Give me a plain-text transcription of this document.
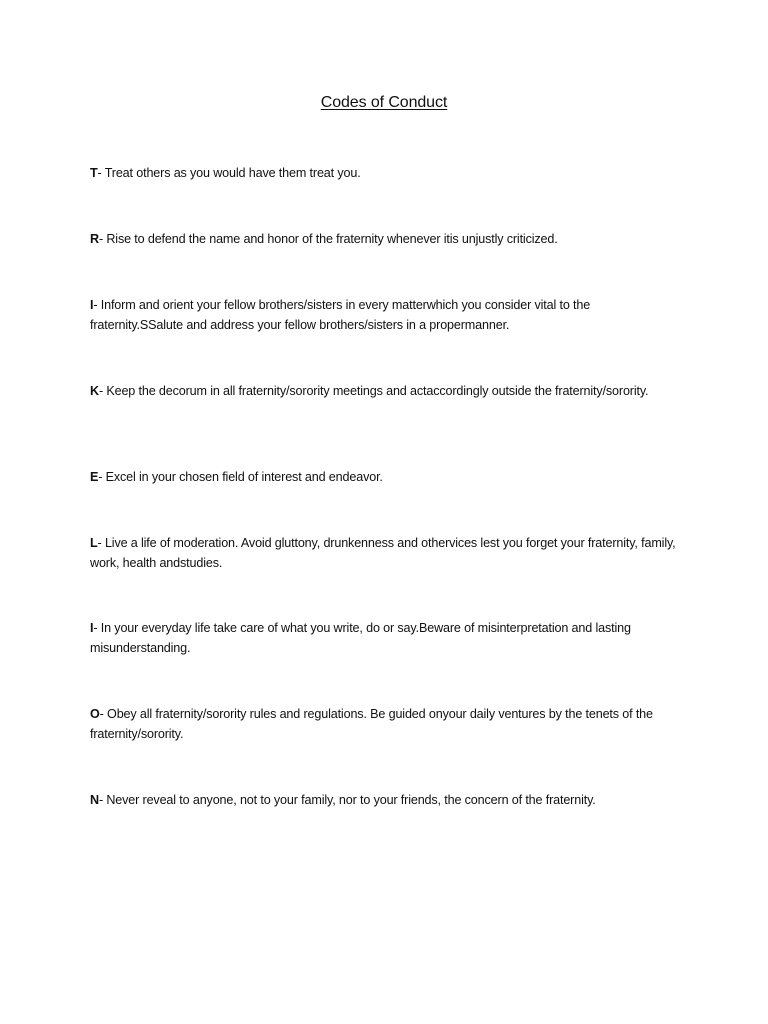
Codes of Conduct

T- Treat others as you would have them treat you.

R- Rise to defend the name and honor of the fraternity whenever itis unjustly criticized.

I- Inform and orient your fellow brothers/sisters in every matterwhich you consider vital to the fraternity.SSalute and address your fellow brothers/sisters in a propermanner.

K- Keep the decorum in all fraternity/sorority meetings and actaccordingly outside the fraternity/sorority.

E- Excel in your chosen field of interest and endeavor.

L- Live a life of moderation. Avoid gluttony, drunkenness and othervices lest you forget your fraternity, family, work, health andstudies.

I- In your everyday life take care of what you write, do or say.Beware of misinterpretation and lasting misunderstanding.

O- Obey all fraternity/sorority rules and regulations. Be guided onyour daily ventures by the tenets of the fraternity/sorority.

N- Never reveal to anyone, not to your family, nor to your friends, the concern of the fraternity.
